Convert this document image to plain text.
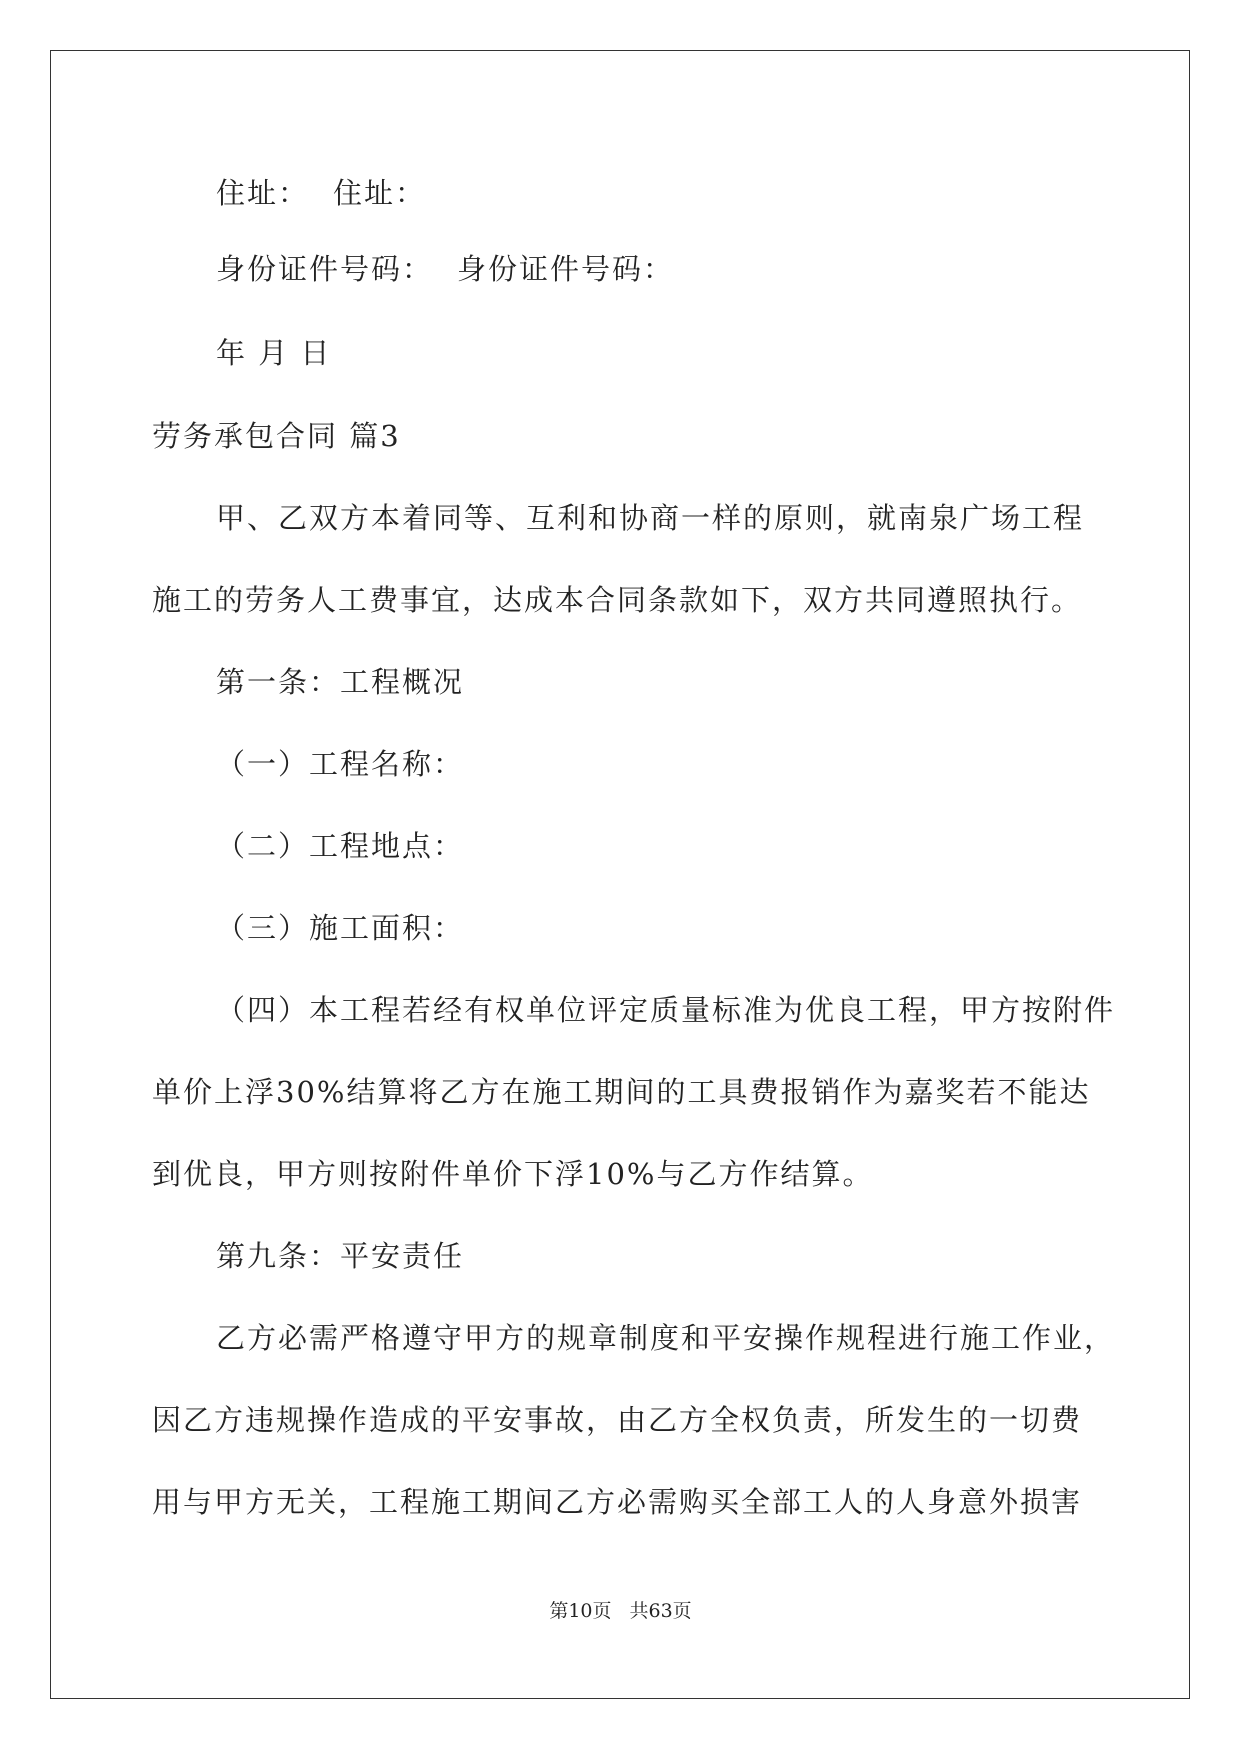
住址： 住址：
身份证件号码： 身份证件号码：
年 月 日
劳务承包合同 篇3
甲、乙双方本着同等、互利和协商一样的原则，就南泉广场工程
施工的劳务人工费事宜，达成本合同条款如下，双方共同遵照执行。
第一条：工程概况
（一）工程名称：
（二）工程地点：
（三）施工面积：
（四）本工程若经有权单位评定质量标准为优良工程，甲方按附件
单价上浮30%结算将乙方在施工期间的工具费报销作为嘉奖若不能达
到优良，甲方则按附件单价下浮10%与乙方作结算。
第九条：平安责任
乙方必需严格遵守甲方的规章制度和平安操作规程进行施工作业，
因乙方违规操作造成的平安事故，由乙方全权负责，所发生的一切费
用与甲方无关，工程施工期间乙方必需购买全部工人的人身意外损害
第10页 共63页
